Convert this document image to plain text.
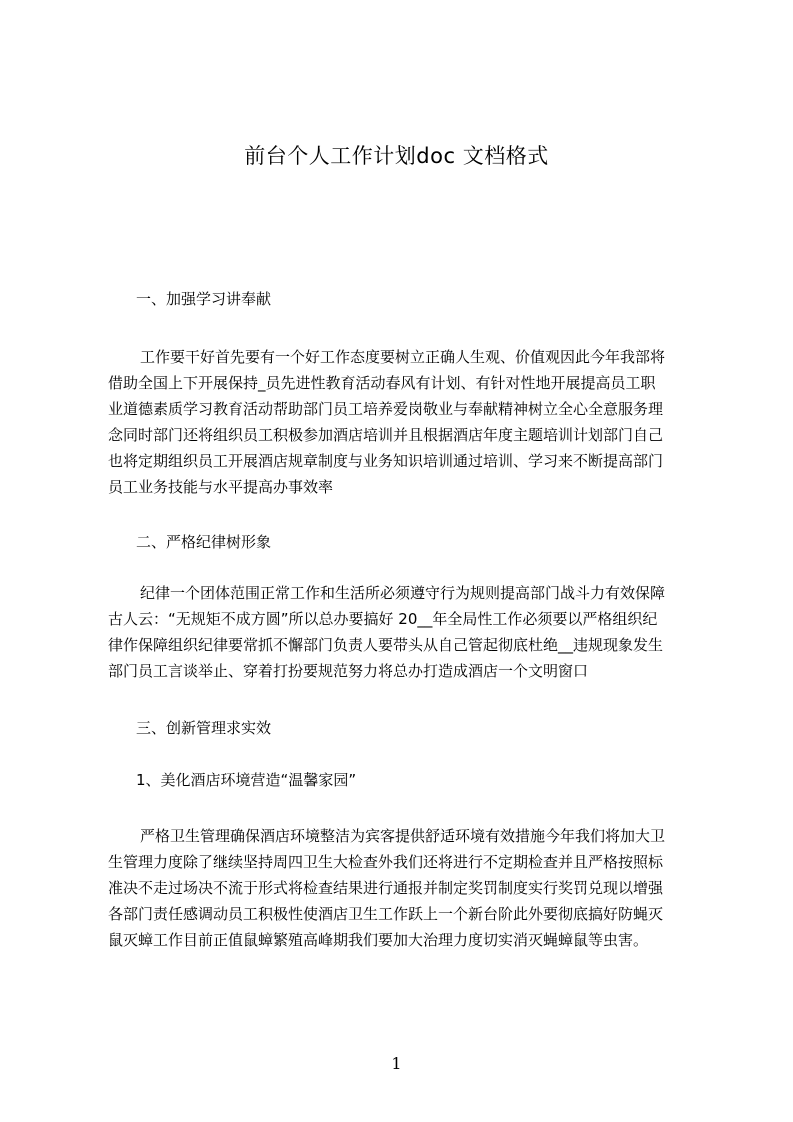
前台个人工作计划doc 文档格式
一、加强学习讲奉献
工作要干好首先要有一个好工作态度要树立正确人生观、价值观因此今年我部将
借助全国上下开展保持_员先进性教育活动春风有计划、有针对性地开展提高员工职
业道德素质学习教育活动帮助部门员工培养爱岗敬业与奉献精神树立全心全意服务理
念同时部门还将组织员工积极参加酒店培训并且根据酒店年度主题培训计划部门自己
也将定期组织员工开展酒店规章制度与业务知识培训通过培训、学习来不断提高部门
员工业务技能与水平提高办事效率
二、严格纪律树形象
纪律一个团体范围正常工作和生活所必须遵守行为规则提高部门战斗力有效保障
古人云：“无规矩不成方圆”所以总办要搞好 20__年全局性工作必须要以严格组织纪
律作保障组织纪律要常抓不懈部门负责人要带头从自己管起彻底杜绝__违规现象发生
部门员工言谈举止、穿着打扮要规范努力将总办打造成酒店一个文明窗口
三、创新管理求实效
1、美化酒店环境营造“温馨家园”
严格卫生管理确保酒店环境整洁为宾客提供舒适环境有效措施今年我们将加大卫
生管理力度除了继续坚持周四卫生大检查外我们还将进行不定期检查并且严格按照标
准决不走过场决不流于形式将检查结果进行通报并制定奖罚制度实行奖罚兑现以增强
各部门责任感调动员工积极性使酒店卫生工作跃上一个新台阶此外要彻底搞好防蝇灭
鼠灭蟑工作目前正值鼠蟑繁殖高峰期我们要加大治理力度切实消灭蝇蟑鼠等虫害。
1
